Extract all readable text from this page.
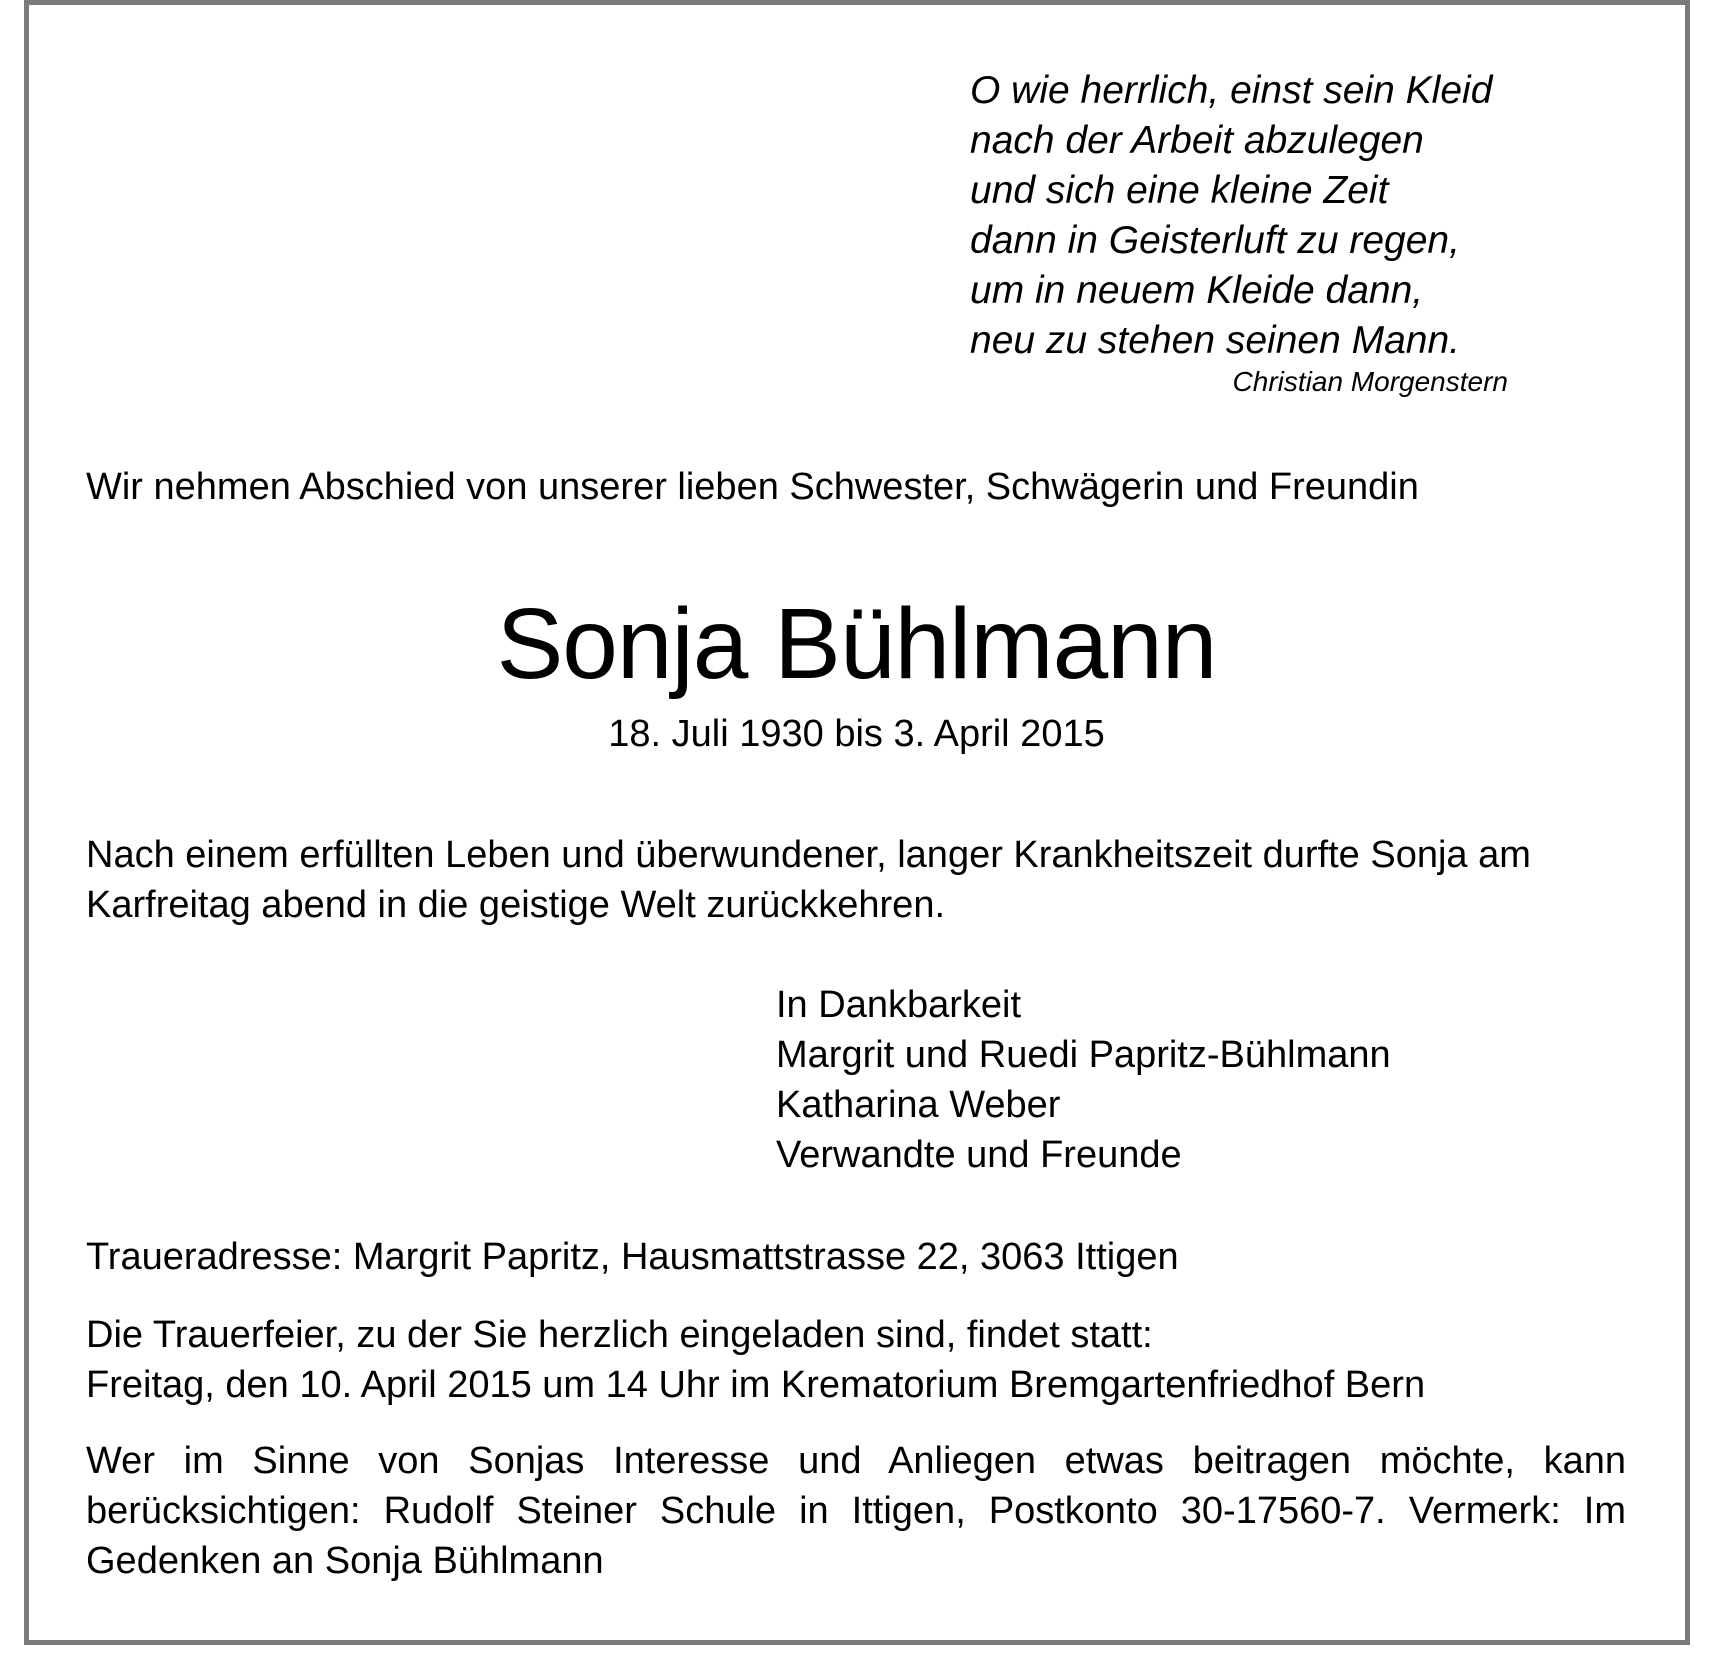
O wie herrlich, einst sein Kleid
nach der Arbeit abzulegen
und sich eine kleine Zeit
dann in Geisterluft zu regen,
um in neuem Kleide dann,
neu zu stehen seinen Mann.
Christian Morgenstern
Wir nehmen Abschied von unserer lieben Schwester, Schwägerin und Freundin
Sonja Bühlmann
18. Juli 1930 bis 3. April 2015
Nach einem erfüllten Leben und überwundener, langer Krankheitszeit durfte Sonja am Karfreitag abend in die geistige Welt zurückkehren.
In Dankbarkeit
Margrit und Ruedi Papritz-Bühlmann
Katharina Weber
Verwandte und Freunde
Traueradresse: Margrit Papritz, Hausmattstrasse 22, 3063 Ittigen
Die Trauerfeier, zu der Sie herzlich eingeladen sind, findet statt:
Freitag, den 10. April 2015 um 14 Uhr im Krematorium Bremgartenfriedhof Bern
Wer im Sinne von Sonjas Interesse und Anliegen etwas beitragen möchte, kann berücksichtigen: Rudolf Steiner Schule in Ittigen, Postkonto 30-17560-7. Vermerk: Im Gedenken an Sonja Bühlmann
